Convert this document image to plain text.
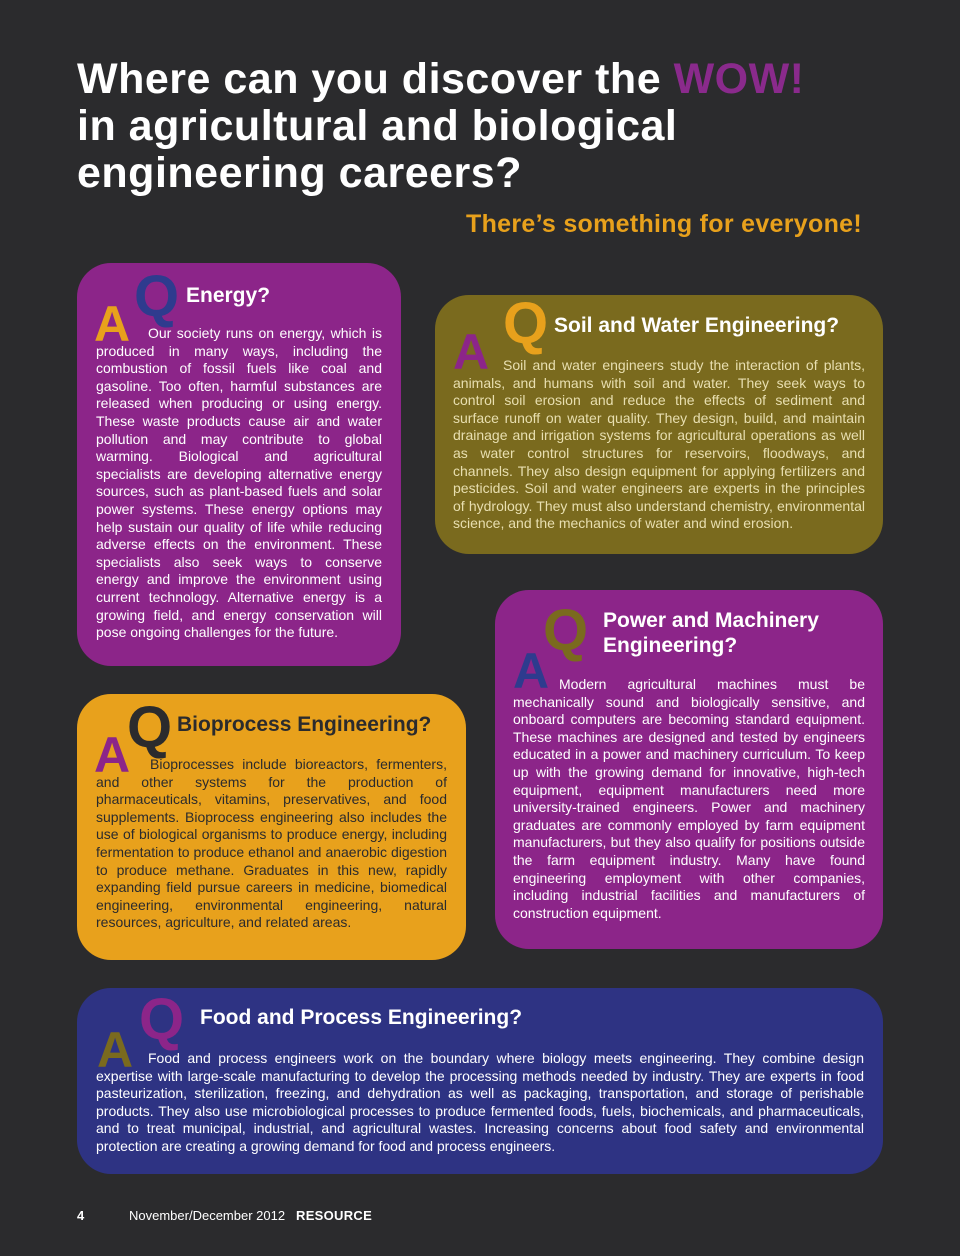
Where can you discover the WOW!
in agricultural and biological
engineering careers?
There’s something for everyone!
Q
A
Energy?
Our society runs on energy, which is produced in many ways, including the combustion of fossil fuels like coal and gasoline. Too often, harmful substances are released when producing or using energy. These waste products cause air and water pollution and may contribute to global warming. Biological and agricultural specialists are developing alternative energy sources, such as plant-based fuels and solar power systems. These energy options may help sustain our quality of life while reducing adverse effects on the environment. These specialists also seek ways to conserve energy and improve the environment using current technology. Alternative energy is a growing field, and energy conservation will pose ongoing challenges for the future.
Q
A	Soil and Water Engineering?
Soil and water engineers study the interaction of plants, animals, and humans with soil and water. They seek ways to control soil erosion and reduce the effects of sediment and surface runoff on water quality. They design, build, and maintain drainage and irrigation systems for agricultural operations as well as water control structures for reservoirs, floodways, and channels. They also design equipment for applying fertilizers and pesticides. Soil and water engineers are experts in the principles of hydrology. They must also understand chemistry, environmental science, and the mechanics of water and wind erosion.
Q
A
Power and Machinery
Engineering?
Modern agricultural machines must be mechanically sound and biologically sensitive, and onboard computers are becoming standard equipment. These machines are designed and tested by engineers educated in a power and machinery curriculum. To keep up with the growing demand for innovative, high-tech equipment, equipment manufacturers need more university-trained engineers. Power and machinery graduates are commonly employed by farm equipment manufacturers, but they also qualify for positions outside the farm equipment industry. Many have found engineering employment with other companies, including industrial facilities and manufacturers of construction equipment.
Q
A
Bioprocess Engineering?
Bioprocesses include bioreactors, fermenters, and other systems for the production of pharmaceuticals, vitamins, preservatives, and food supplements. Bioprocess engineering also includes the use of biological organisms to produce energy, including fermentation to produce ethanol and anaerobic digestion to produce methane. Graduates in this new, rapidly expanding field pursue careers in medicine, biomedical engineering, environmental engineering, natural resources, agriculture, and related areas.
Q
A
Food and Process Engineering?
Food and process engineers work on the boundary where biology meets engineering. They combine design expertise with large-scale manufacturing to develop the processing methods needed by industry. They are experts in food pasteurization, sterilization, freezing, and dehydration as well as packaging, transportation, and storage of perishable products. They also use microbiological processes to produce fermented foods, fuels, biochemicals, and pharmaceuticals, and to treat municipal, industrial, and agricultural wastes. Increasing concerns about food safety and environmental protection are creating a growing demand for food and process engineers.
4	November/December 2012 RESOURCE
